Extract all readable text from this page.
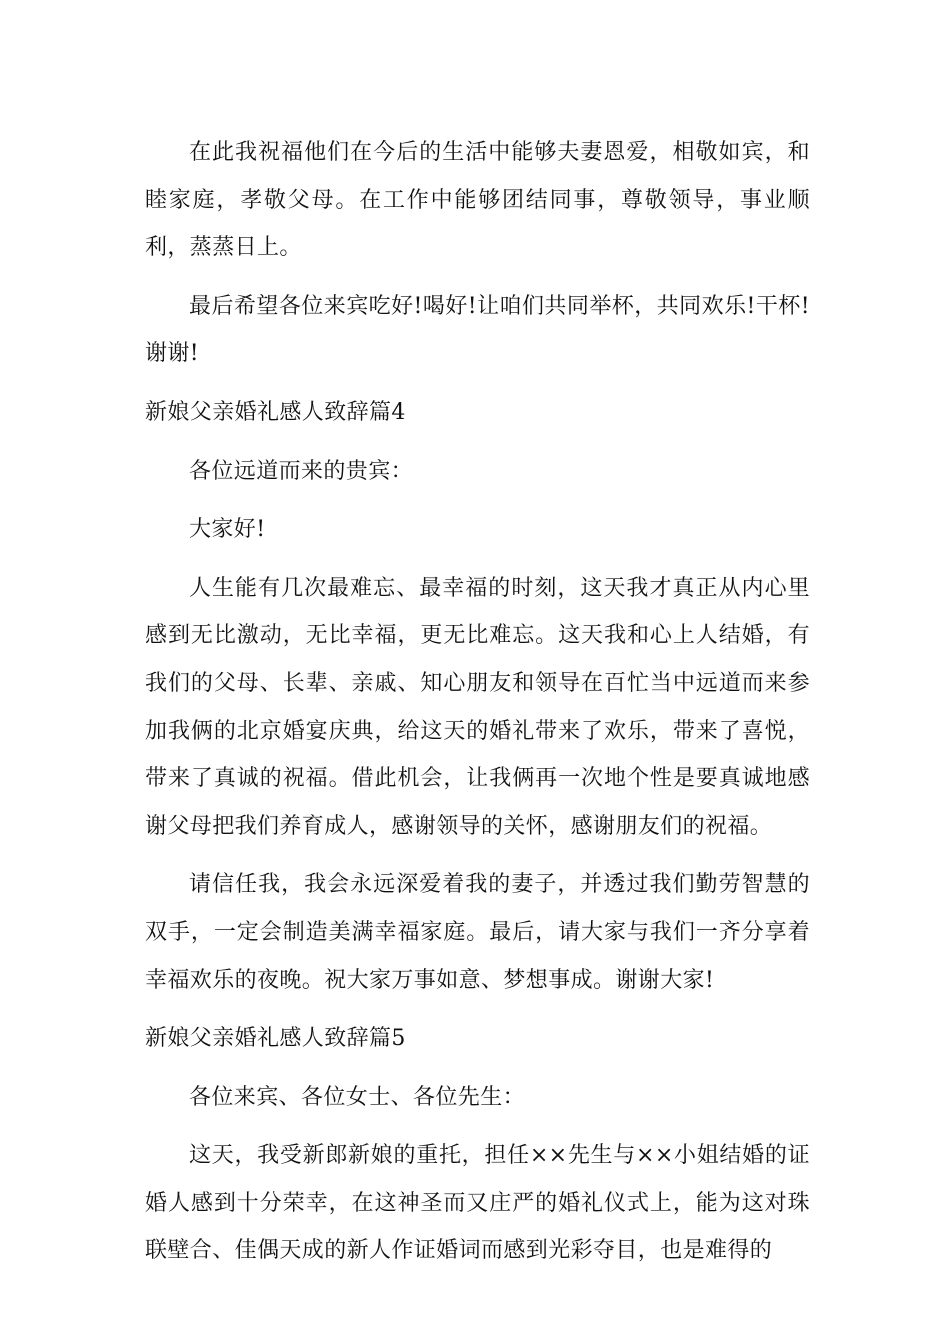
在此我祝福他们在今后的生活中能够夫妻恩爱，相敬如宾，和睦家庭，孝敬父母。在工作中能够团结同事，尊敬领导，事业顺利，蒸蒸日上。

最后希望各位来宾吃好!喝好!让咱们共同举杯，共同欢乐!干杯!谢谢!

新娘父亲婚礼感人致辞篇4

各位远道而来的贵宾：

大家好!

人生能有几次最难忘、最幸福的时刻，这天我才真正从内心里感到无比激动，无比幸福，更无比难忘。这天我和心上人结婚，有我们的父母、长辈、亲戚、知心朋友和领导在百忙当中远道而来参加我俩的北京婚宴庆典，给这天的婚礼带来了欢乐，带来了喜悦，带来了真诚的祝福。借此机会，让我俩再一次地个性是要真诚地感谢父母把我们养育成人，感谢领导的关怀，感谢朋友们的祝福。

请信任我，我会永远深爱着我的妻子，并透过我们勤劳智慧的双手，一定会制造美满幸福家庭。最后，请大家与我们一齐分享着幸福欢乐的夜晚。祝大家万事如意、梦想事成。谢谢大家!

新娘父亲婚礼感人致辞篇5

各位来宾、各位女士、各位先生：

这天，我受新郎新娘的重托，担任××先生与××小姐结婚的证婚人感到十分荣幸，在这神圣而又庄严的婚礼仪式上，能为这对珠联壁合、佳偶天成的新人作证婚词而感到光彩夺目，也是难得的
